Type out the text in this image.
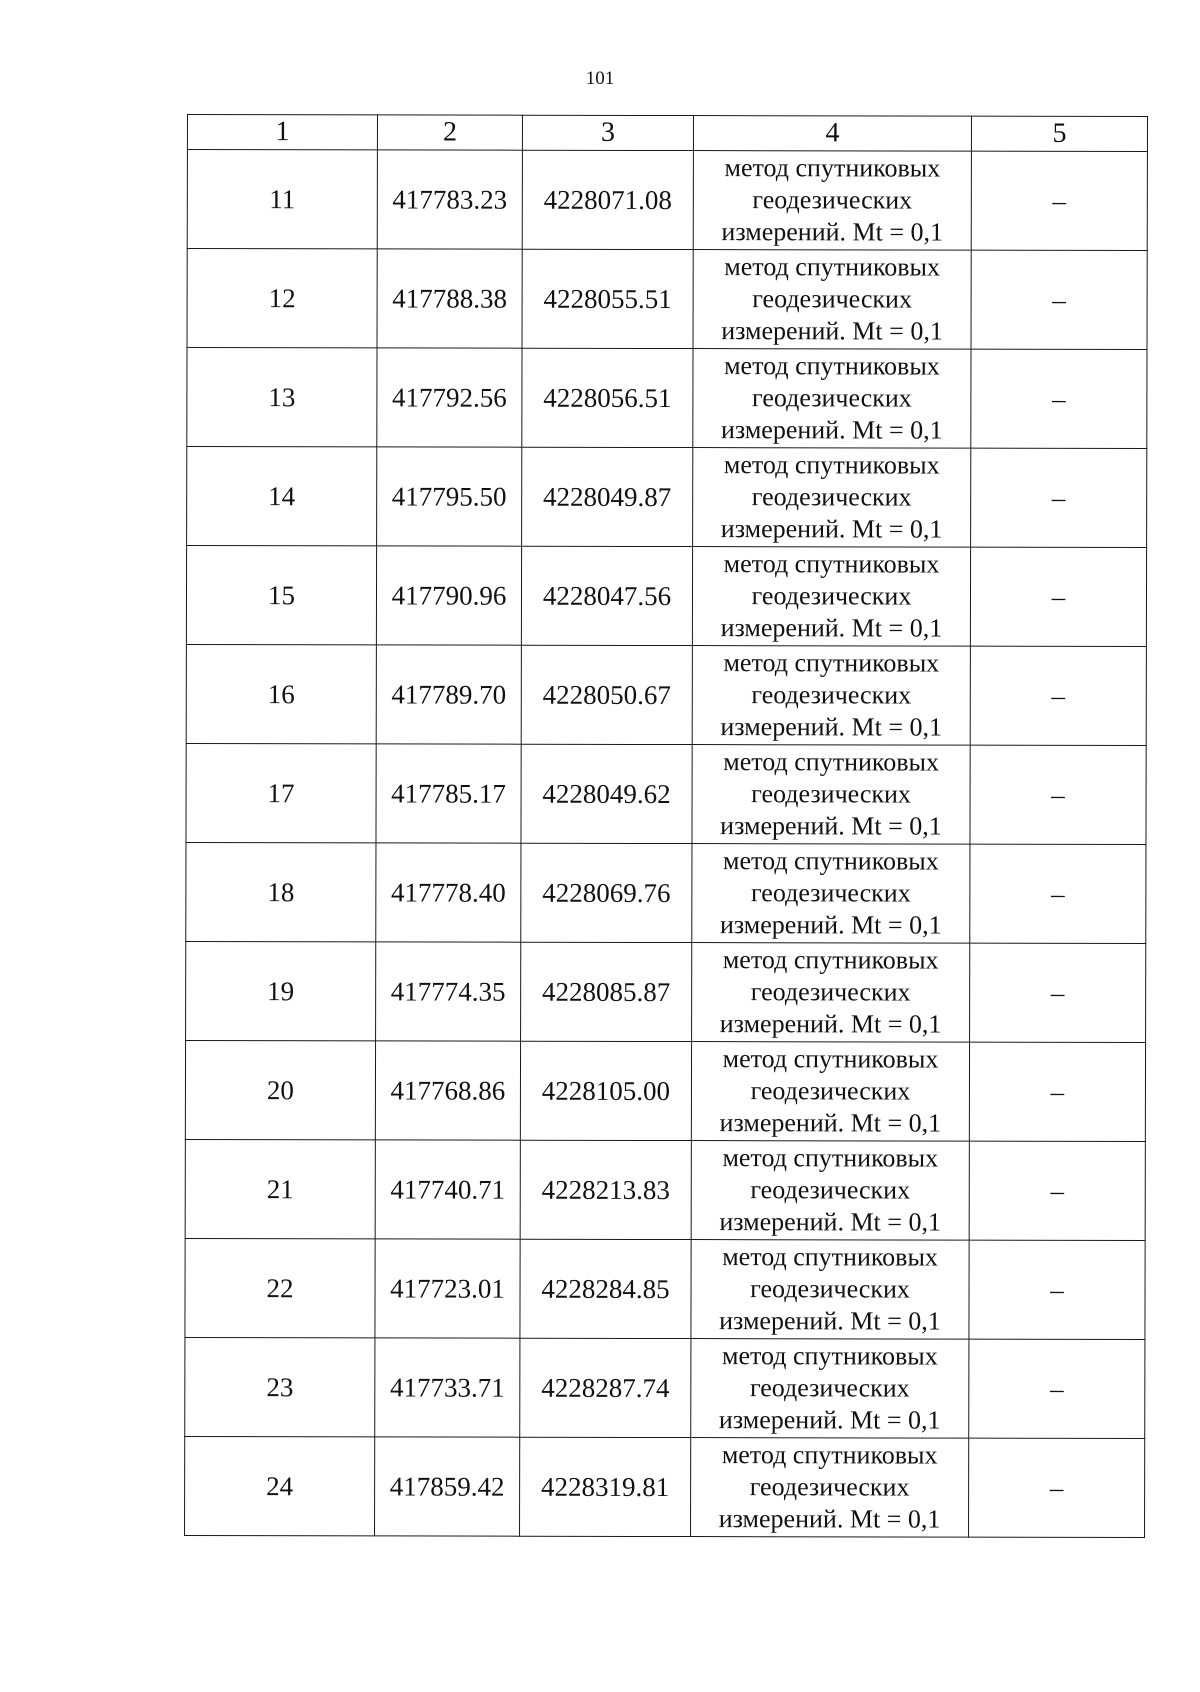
101
1	2	3	4	5
11	417783.23	4228071.08	метод спутниковых
геодезических
измерений. Mt = 0,1	–
12	417788.38	4228055.51	метод спутниковых
геодезических
измерений. Mt = 0,1	–
13	417792.56	4228056.51	метод спутниковых
геодезических
измерений. Mt = 0,1	–
14	417795.50	4228049.87	метод спутниковых
геодезических
измерений. Mt = 0,1	–
15	417790.96	4228047.56	метод спутниковых
геодезических
измерений. Mt = 0,1	–
16	417789.70	4228050.67	метод спутниковых
геодезических
измерений. Mt = 0,1	–
17	417785.17	4228049.62	метод спутниковых
геодезических
измерений. Mt = 0,1	–
18	417778.40	4228069.76	метод спутниковых
геодезических
измерений. Mt = 0,1	–
19	417774.35	4228085.87	метод спутниковых
геодезических
измерений. Mt = 0,1	–
20	417768.86	4228105.00	метод спутниковых
геодезических
измерений. Mt = 0,1	–
21	417740.71	4228213.83	метод спутниковых
геодезических
измерений. Mt = 0,1	–
22	417723.01	4228284.85	метод спутниковых
геодезических
измерений. Mt = 0,1	–
23	417733.71	4228287.74	метод спутниковых
геодезических
измерений. Mt = 0,1	–
24	417859.42	4228319.81	метод спутниковых
геодезических
измерений. Mt = 0,1	–
